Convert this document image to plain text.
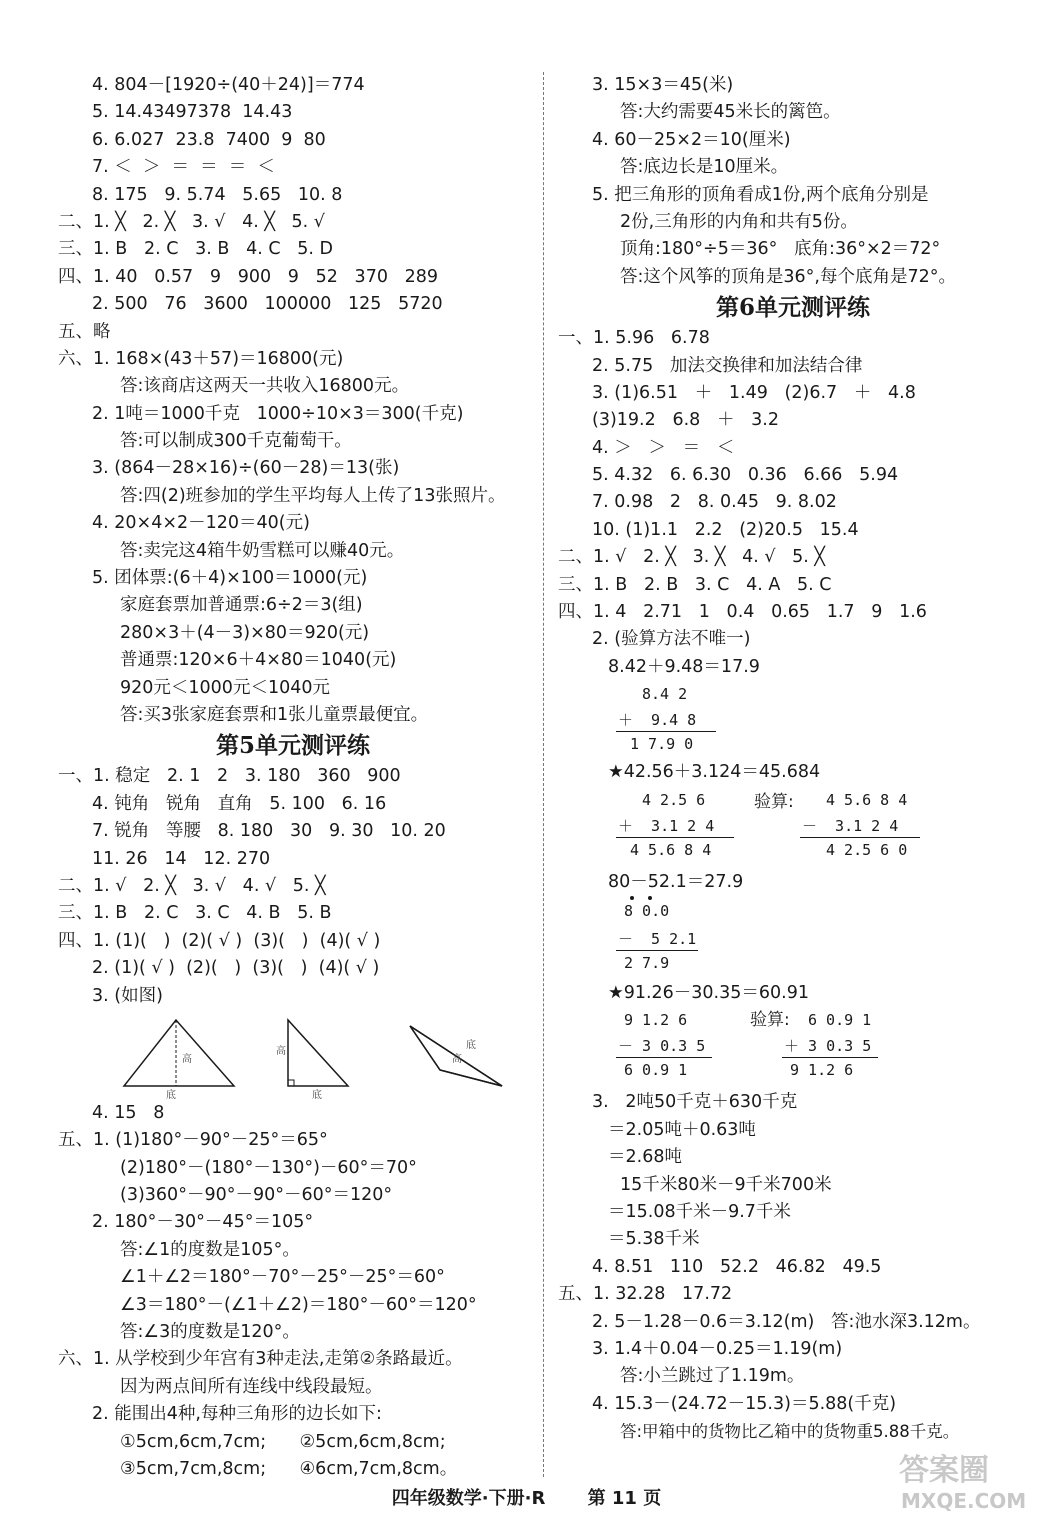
4. 804－[1920÷(40＋24)]＝774
5. 14.43497378  14.43
6. 6.027  23.8  7400  9  80
7. ＜  ＞  ＝  ＝  ＝  ＜
8. 175   9. 5.74   5.65   10. 8
二、1. ╳   2. ╳   3. √   4. ╳   5. √
三、1. B   2. C   3. B   4. C   5. D
四、1. 40   0.57   9   900   9   52   370   289
2. 500   76   3600   100000   125   5720
五、略
六、1. 168×(43＋57)＝16800(元)
答:该商店这两天一共收入16800元。
2. 1吨＝1000千克   1000÷10×3＝300(千克)
答:可以制成300千克葡萄干。
3. (864－28×16)÷(60－28)＝13(张)
答:四(2)班参加的学生平均每人上传了13张照片。
4. 20×4×2－120＝40(元)
答:卖完这4箱牛奶雪糕可以赚40元。
5. 团体票:(6＋4)×100＝1000(元)
家庭套票加普通票:6÷2＝3(组)
280×3＋(4－3)×80＝920(元)
普通票:120×6＋4×80＝1040(元)
920元＜1000元＜1040元
答:买3张家庭套票和1张儿童票最便宜。
第5单元测评练
一、1. 稳定   2. 1   2   3. 180   360   900
4. 钝角   锐角   直角   5. 100   6. 16
7. 锐角   等腰   8. 180   30   9. 30   10. 20
11. 26   14   12. 270
二、1. √   2. ╳   3. √   4. √   5. ╳
三、1. B   2. C   3. C   4. B   5. B
四、1. (1)(   )  (2)( √ )  (3)(   )  (4)( √ )
2. (1)( √ )  (2)(   )  (3)(   )  (4)( √ )
3. (如图)
高
底
高
底
高
底
4. 15   8
五、1. (1)180°－90°－25°＝65°
(2)180°－(180°－130°)－60°＝70°
(3)360°－90°－90°－60°＝120°
2. 180°－30°－45°＝105°
答:∠1的度数是105°。
∠1＋∠2＝180°－70°－25°－25°＝60°
∠3＝180°－(∠1＋∠2)＝180°－60°＝120°
答:∠3的度数是120°。
六、1. 从学校到少年宫有3种走法,走第②条路最近。
因为两点间所有连线中线段最短。
2. 能围出4种,每种三角形的边长如下:
①5cm,6cm,7cm;      ②5cm,6cm,8cm;
③5cm,7cm,8cm;      ④6cm,7cm,8cm。
3. 15×3＝45(米)
答:大约需要45米长的篱笆。
4. 60－25×2＝10(厘米)
答:底边长是10厘米。
5. 把三角形的顶角看成1份,两个底角分别是
2份,三角形的内角和共有5份。
顶角:180°÷5＝36°   底角:36°×2＝72°
答:这个风筝的顶角是36°,每个底角是72°。
第6单元测评练
一、1. 5.96   6.78
2. 5.75   加法交换律和加法结合律
3. (1)6.51   ＋   1.49   (2)6.7   ＋   4.8
(3)19.2   6.8   ＋   3.2
4. ＞   ＞   ＝   ＜
5. 4.32   6. 6.30   0.36   6.66   5.94
7. 0.98   2   8. 0.45   9. 8.02
10. (1)1.1   2.2   (2)20.5   15.4
二、1. √   2. ╳   3. ╳   4. √   5. ╳
三、1. B   2. B   3. C   4. A   5. C
四、1. 4   2.71   1   0.4   0.65   1.7   9   1.6
2. (验算方法不唯一)
8.42＋9.48＝17.9
8.4 2
＋  9.4 8
1 7.9 0
★42.56＋3.124＝45.684
4 2.5 6
＋  3.1 2 4
4 5.6 8 4
验算: 4 5.6 8 4
－  3.1 2 4
4 2.5 6 0
80－52.1＝27.9
8 0.0
－  5 2.1
2 7.9
★91.26－30.35＝60.91
9 1.2 6
－ 3 0.3 5
6 0.9 1
验算: 6 0.9 1
＋ 3 0.3 5
9 1.2 6
3.   2吨50千克＋630千克
＝2.05吨＋0.63吨
＝2.68吨
15千米80米－9千米700米
＝15.08千米－9.7千米
＝5.38千米
4. 8.51   110   52.2   46.82   49.5
五、1. 32.28   17.72
2. 5－1.28－0.6＝3.12(m)   答:池水深3.12m。
3. 1.4＋0.04－0.25＝1.19(m)
答:小兰跳过了1.19m。
4. 15.3－(24.72－15.3)＝5.88(千克)
答:甲箱中的货物比乙箱中的货物重5.88千克。
四年级数学·下册·R 第 11 页
答案圈
MXQE.COM
